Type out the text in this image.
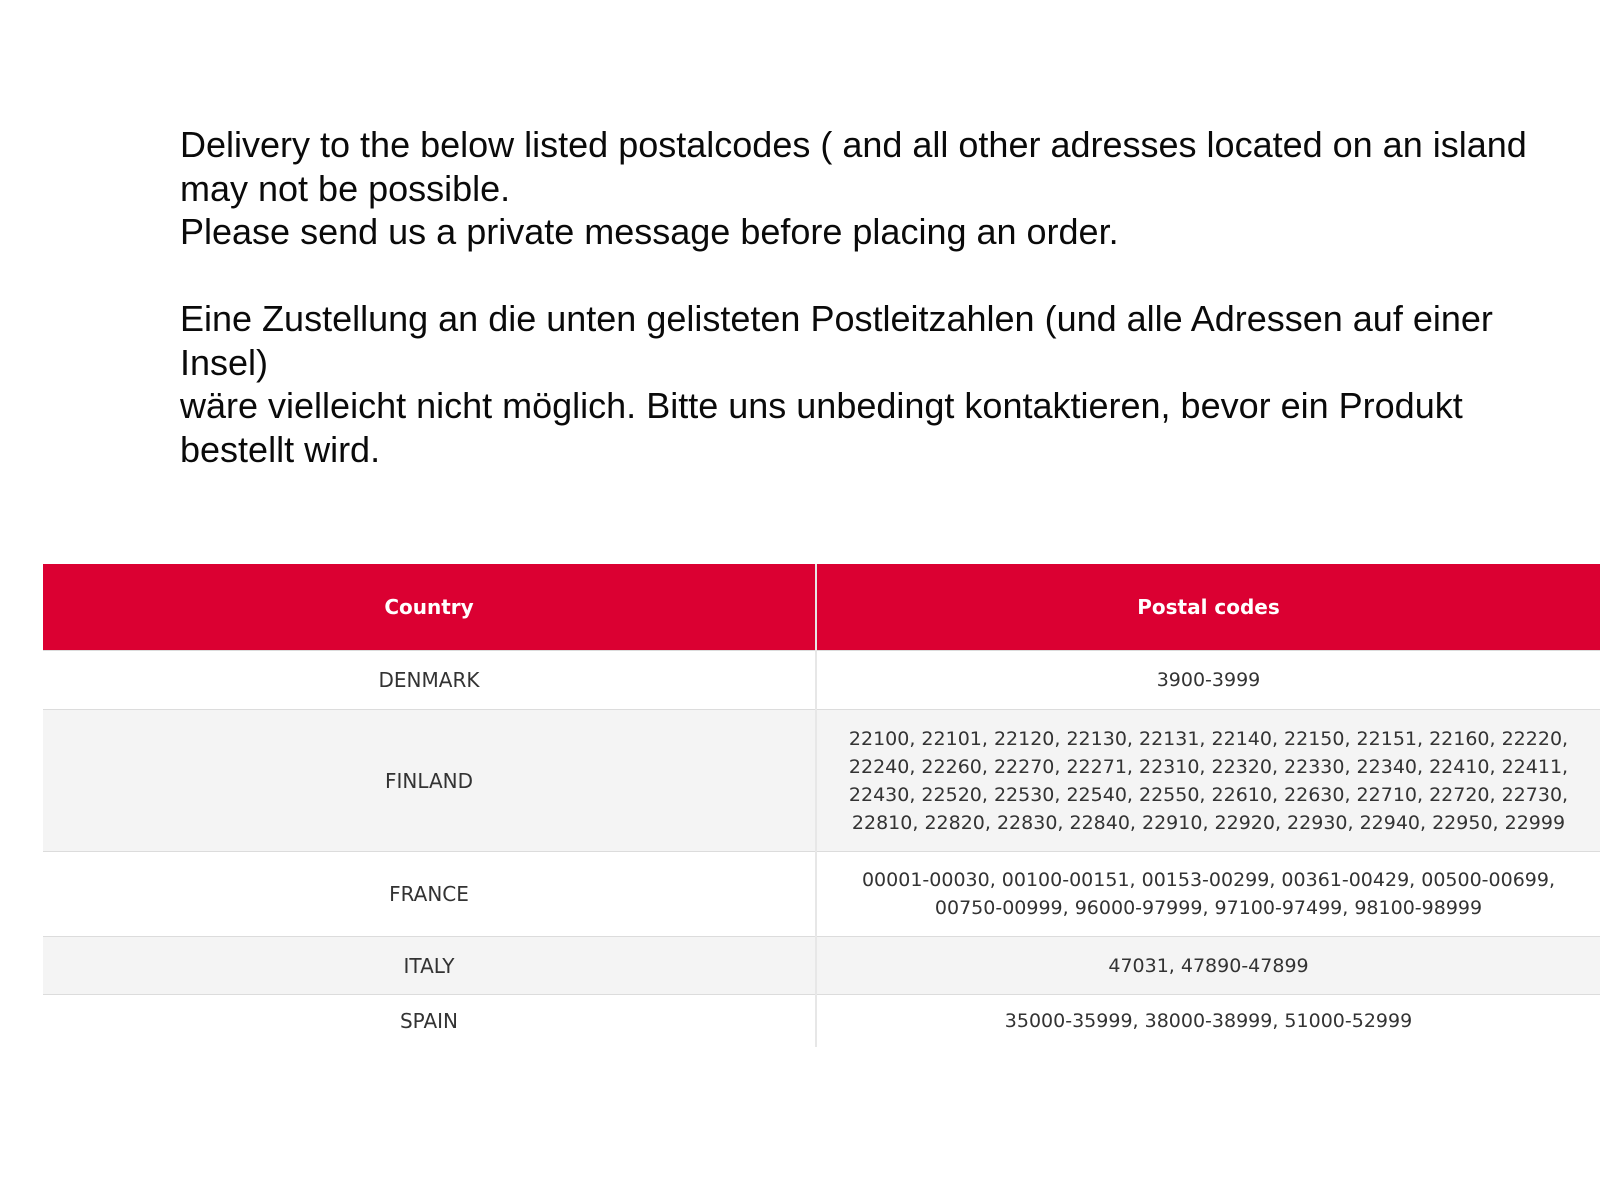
Delivery to the below listed postalcodes ( and all other adresses located on an island may not be possible.

Please send us a private message before placing an order.

Eine Zustellung an die unten gelisteten Postleitzahlen (und alle Adressen auf einer Insel)

wäre vielleicht nicht möglich. Bitte uns unbedingt kontaktieren, bevor ein Produkt bestellt wird.

Country	Postal codes
DENMARK	3900-3999
FINLAND	22100, 22101, 22120, 22130, 22131, 22140, 22150, 22151, 22160, 22220, 22240, 22260, 22270, 22271, 22310, 22320, 22330, 22340, 22410, 22411, 22430, 22520, 22530, 22540, 22550, 22610, 22630, 22710, 22720, 22730, 22810, 22820, 22830, 22840, 22910, 22920, 22930, 22940, 22950, 22999
FRANCE	00001-00030, 00100-00151, 00153-00299, 00361-00429, 00500-00699, 00750-00999, 96000-97999, 97100-97499, 98100-98999
ITALY	47031, 47890-47899
SPAIN	35000-35999, 38000-38999, 51000-52999
